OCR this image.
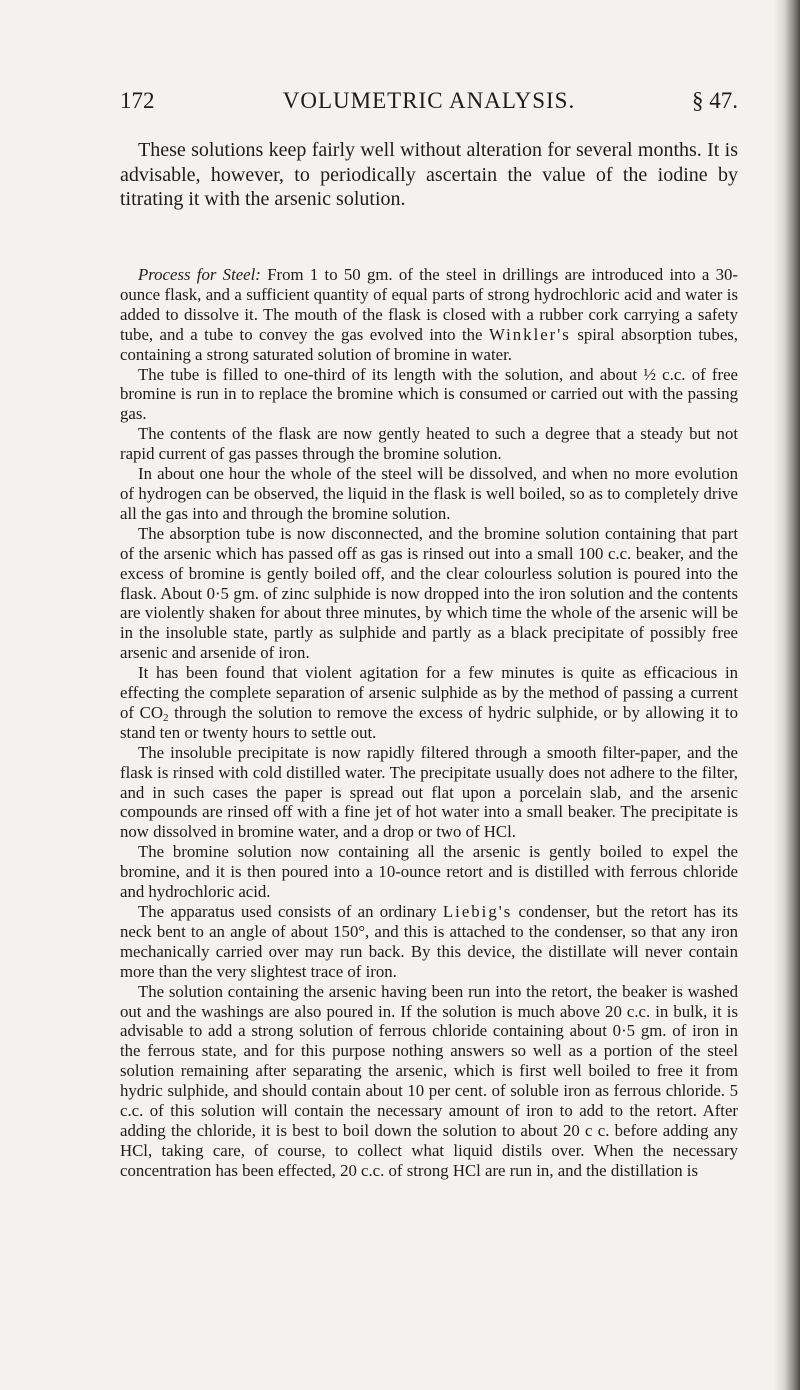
172	VOLUMETRIC ANALYSIS.	§ 47.

These solutions keep fairly well without alteration for several months. It is advisable, however, to periodically ascertain the value of the iodine by titrating it with the arsenic solution.

Process for Steel: From 1 to 50 gm. of the steel in drillings are introduced into a 30-ounce flask, and a sufficient quantity of equal parts of strong hydrochloric acid and water is added to dissolve it. The mouth of the flask is closed with a rubber cork carrying a safety tube, and a tube to convey the gas evolved into the Winkler's spiral absorption tubes, containing a strong saturated solution of bromine in water.

The tube is filled to one-third of its length with the solution, and about ½ c.c. of free bromine is run in to replace the bromine which is consumed or carried out with the passing gas.

The contents of the flask are now gently heated to such a degree that a steady but not rapid current of gas passes through the bromine solution.

In about one hour the whole of the steel will be dissolved, and when no more evolution of hydrogen can be observed, the liquid in the flask is well boiled, so as to completely drive all the gas into and through the bromine solution.

The absorption tube is now disconnected, and the bromine solution containing that part of the arsenic which has passed off as gas is rinsed out into a small 100 c.c. beaker, and the excess of bromine is gently boiled off, and the clear colourless solution is poured into the flask. About 0·5 gm. of zinc sulphide is now dropped into the iron solution and the contents are violently shaken for about three minutes, by which time the whole of the arsenic will be in the insoluble state, partly as sulphide and partly as a black precipitate of possibly free arsenic and arsenide of iron.

It has been found that violent agitation for a few minutes is quite as efficacious in effecting the complete separation of arsenic sulphide as by the method of passing a current of $CO_2$ through the solution to remove the excess of hydric sulphide, or by allowing it to stand ten or twenty hours to settle out.

The insoluble precipitate is now rapidly filtered through a smooth filter-paper, and the flask is rinsed with cold distilled water. The precipitate usually does not adhere to the filter, and in such cases the paper is spread out flat upon a porcelain slab, and the arsenic compounds are rinsed off with a fine jet of hot water into a small beaker. The precipitate is now dissolved in bromine water, and a drop or two of HCl.

The bromine solution now containing all the arsenic is gently boiled to expel the bromine, and it is then poured into a 10-ounce retort and is distilled with ferrous chloride and hydrochloric acid.

The apparatus used consists of an ordinary Liebig's condenser, but the retort has its neck bent to an angle of about 150°, and this is attached to the condenser, so that any iron mechanically carried over may run back. By this device, the distillate will never contain more than the very slightest trace of iron.

The solution containing the arsenic having been run into the retort, the beaker is washed out and the washings are also poured in. If the solution is much above 20 c.c. in bulk, it is advisable to add a strong solution of ferrous chloride containing about 0·5 gm. of iron in the ferrous state, and for this purpose nothing answers so well as a portion of the steel solution remaining after separating the arsenic, which is first well boiled to free it from hydric sulphide, and should contain about 10 per cent. of soluble iron as ferrous chloride. 5 c.c. of this solution will contain the necessary amount of iron to add to the retort. After adding the chloride, it is best to boil down the solution to about 20 c c. before adding any HCl, taking care, of course, to collect what liquid distils over. When the necessary concentration has been effected, 20 c.c. of strong HCl are run in, and the distillation is
